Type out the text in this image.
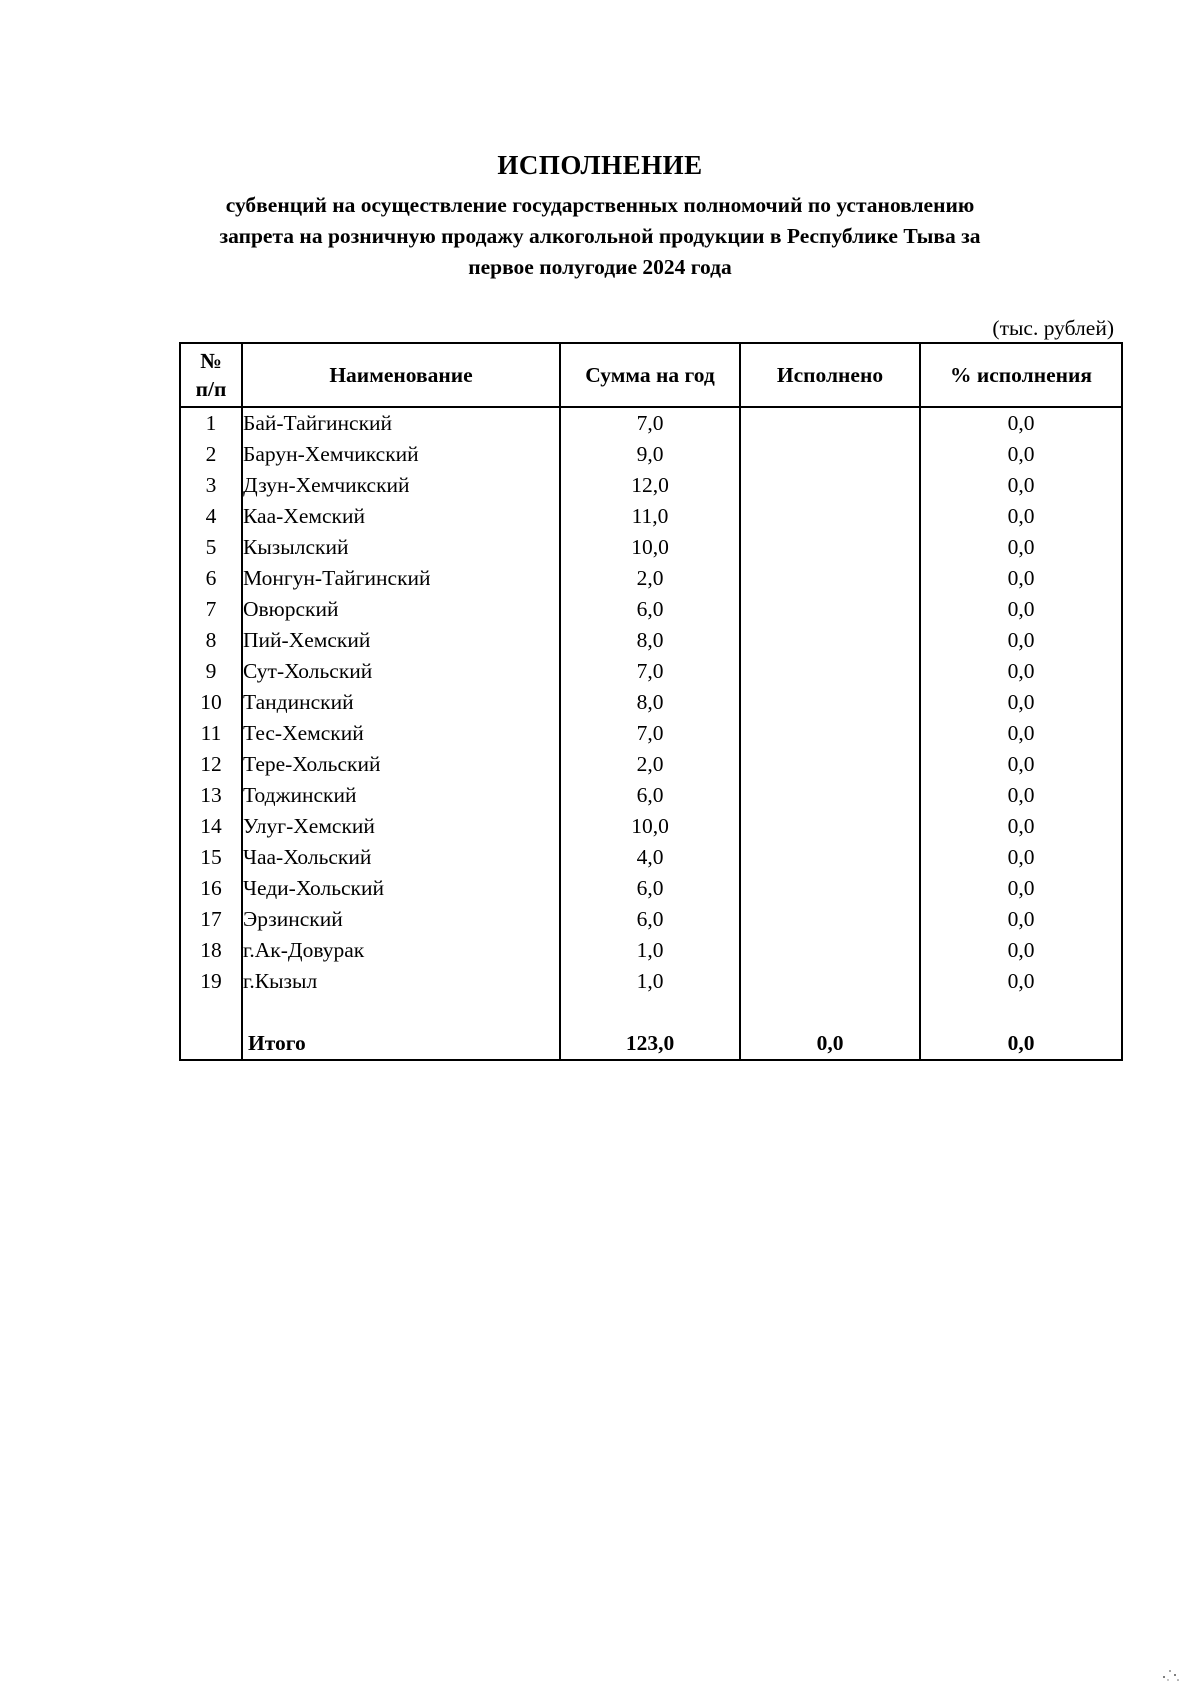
ИСПОЛНЕНИЕ
субвенций на осуществление государственных полномочий по установлению
запрета на розничную продажу алкогольной продукции в Республике Тыва за
первое полугодие 2024 года
(тыс. рублей)
№
п/п	Наименование	Сумма на год	Исполнено	% исполнения
1	Бай-Тайгинский	7,0		0,0
2	Барун-Хемчикский	9,0		0,0
3	Дзун-Хемчикский	12,0		0,0
4	Каа-Хемский	11,0		0,0
5	Кызылский	10,0		0,0
6	Монгун-Тайгинский	2,0		0,0
7	Овюрский	6,0		0,0
8	Пий-Хемский	8,0		0,0
9	Сут-Хольский	7,0		0,0
10	Тандинский	8,0		0,0
11	Тес-Хемский	7,0		0,0
12	Тере-Хольский	2,0		0,0
13	Тоджинский	6,0		0,0
14	Улуг-Хемский	10,0		0,0
15	Чаа-Хольский	4,0		0,0
16	Чеди-Хольский	6,0		0,0
17	Эрзинский	6,0		0,0
18	г.Ак-Довурак	1,0		0,0
19	г.Кызыл	1,0		0,0

	Итого	123,0	0,0	0,0
